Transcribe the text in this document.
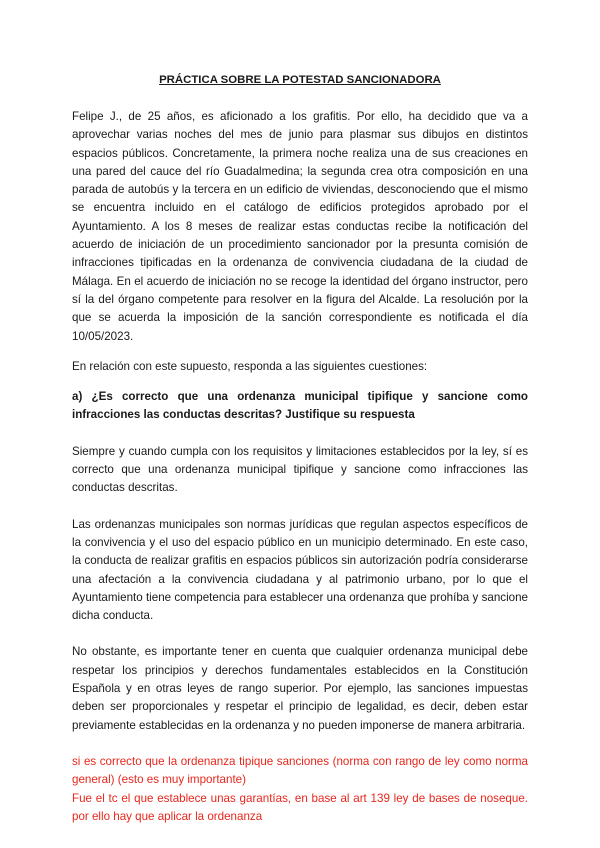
PRÁCTICA SOBRE LA POTESTAD SANCIONADORA

Felipe J., de 25 años, es aficionado a los grafitis. Por ello, ha decidido que va a aprovechar varias noches del mes de junio para plasmar sus dibujos en distintos espacios públicos. Concretamente, la primera noche realiza una de sus creaciones en una pared del cauce del río Guadalmedina; la segunda crea otra composición en una parada de autobús y la tercera en un edificio de viviendas, desconociendo que el mismo se encuentra incluido en el catálogo de edificios protegidos aprobado por el Ayuntamiento. A los 8 meses de realizar estas conductas recibe la notificación del acuerdo de iniciación de un procedimiento sancionador por la presunta comisión de infracciones tipificadas en la ordenanza de convivencia ciudadana de la ciudad de Málaga. En el acuerdo de iniciación no se recoge la identidad del órgano instructor, pero sí la del órgano competente para resolver en la figura del Alcalde. La resolución por la que se acuerda la imposición de la sanción correspondiente es notificada el día 10/05/2023.

En relación con este supuesto, responda a las siguientes cuestiones:

a) ¿Es correcto que una ordenanza municipal tipifique y sancione como infracciones las conductas descritas? Justifique su respuesta

Siempre y cuando cumpla con los requisitos y limitaciones establecidos por la ley, sí es correcto que una ordenanza municipal tipifique y sancione como infracciones las conductas descritas.

Las ordenanzas municipales son normas jurídicas que regulan aspectos específicos de la convivencia y el uso del espacio público en un municipio determinado. En este caso, la conducta de realizar grafitis en espacios públicos sin autorización podría considerarse una afectación a la convivencia ciudadana y al patrimonio urbano, por lo que el Ayuntamiento tiene competencia para establecer una ordenanza que prohíba y sancione dicha conducta.

No obstante, es importante tener en cuenta que cualquier ordenanza municipal debe respetar los principios y derechos fundamentales establecidos en la Constitución Española y en otras leyes de rango superior. Por ejemplo, las sanciones impuestas deben ser proporcionales y respetar el principio de legalidad, es decir, deben estar previamente establecidas en la ordenanza y no pueden imponerse de manera arbitraria.

si es correcto que la ordenanza tipique sanciones (norma con rango de ley como norma general) (esto es muy importante)

Fue el tc el que establece unas garantías, en base al art 139 ley de bases de noseque. por ello hay que aplicar la ordenanza
